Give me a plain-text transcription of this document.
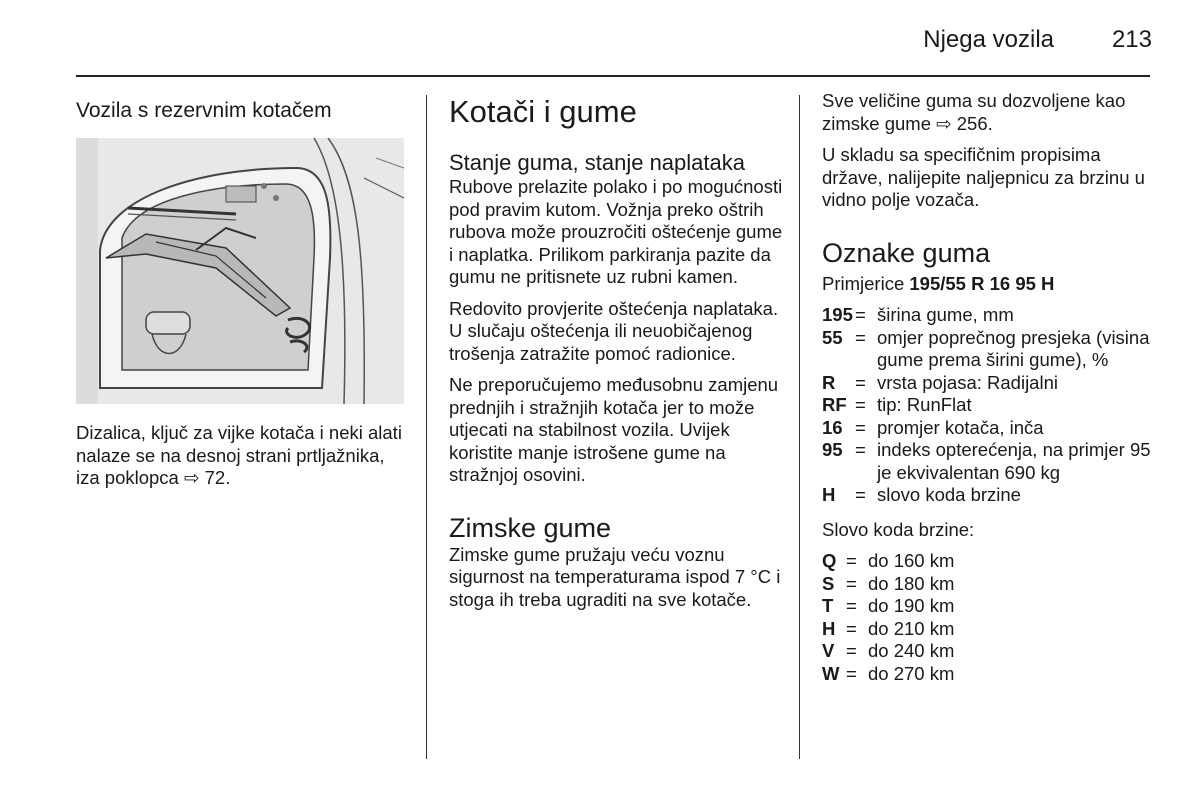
Njega vozila 213
Vozila s rezervnim kotačem

Dizalica, ključ za vijke kotača i neki alati nalaze se na desnoj strani prtljažnika, iza poklopca ⇨ 72.

Kotači i gume
Stanje guma, stanje naplataka

Rubove prelazite polako i po mogućnosti pod pravim kutom. Vožnja preko oštrih rubova može prouzročiti oštećenje gume i naplatka. Prilikom parkiranja pazite da gumu ne pritisnete uz rubni kamen.

Redovito provjerite oštećenja naplataka. U slučaju oštećenja ili neuobičajenog trošenja zatražite pomoć radionice.

Ne preporučujemo međusobnu zamjenu prednjih i stražnjih kotača jer to može utjecati na stabilnost vozila. Uvijek koristite manje istrošene gume na stražnjoj osovini.

Zimske gume

Zimske gume pružaju veću voznu sigurnost na temperaturama ispod 7 °C i stoga ih treba ugraditi na sve kotače.

Sve veličine guma su dozvoljene kao zimske gume ⇨ 256.

U skladu sa specifičnim propisima države, nalijepite naljepnicu za brzinu u vidno polje vozača.

Oznake guma

Primjerice 195/55 R 16 95 H

195 = širina gume, mm
55 = omjer poprečnog presjeka (visina gume prema širini gume), %
R	= vrsta pojasa: Radijalni
RF = tip: RunFlat
16 = promjer kotača, inča
95 = indeks opterećenja, na primjer 95 je ekvivalentan 690 kg
H	= slovo koda brzine

Slovo koda brzine:

Q = do 160 km
S = do 180 km
T = do 190 km
H = do 210 km
V = do 240 km
W = do 270 km
